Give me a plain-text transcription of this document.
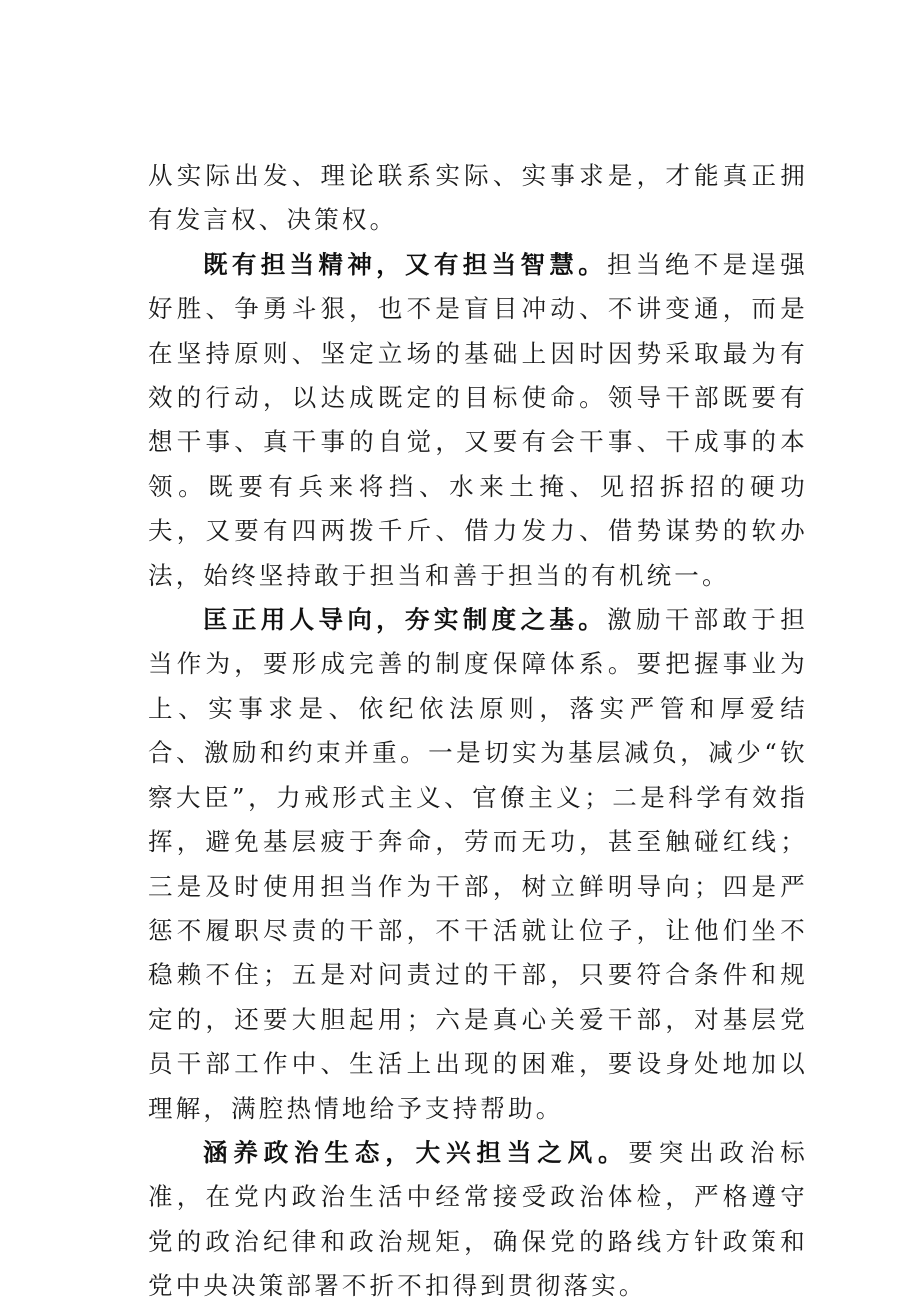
从实际出发、理论联系实际、实事求是，才能真正拥有发言权、决策权。

既有担当精神，又有担当智慧。担当绝不是逞强好胜、争勇斗狠，也不是盲目冲动、不讲变通，而是在坚持原则、坚定立场的基础上因时因势采取最为有效的行动，以达成既定的目标使命。领导干部既要有想干事、真干事的自觉，又要有会干事、干成事的本领。既要有兵来将挡、水来土掩、见招拆招的硬功夫，又要有四两拨千斤、借力发力、借势谋势的软办法，始终坚持敢于担当和善于担当的有机统一。

匡正用人导向，夯实制度之基。激励干部敢于担当作为，要形成完善的制度保障体系。要把握事业为上、实事求是、依纪依法原则，落实严管和厚爱结合、激励和约束并重。一是切实为基层减负，减少“钦察大臣”，力戒形式主义、官僚主义；二是科学有效指挥，避免基层疲于奔命，劳而无功，甚至触碰红线；三是及时使用担当作为干部，树立鲜明导向；四是严惩不履职尽责的干部，不干活就让位子，让他们坐不稳赖不住；五是对问责过的干部，只要符合条件和规定的，还要大胆起用；六是真心关爱干部，对基层党员干部工作中、生活上出现的困难，要设身处地加以理解，满腔热情地给予支持帮助。

涵养政治生态，大兴担当之风。要突出政治标准，在党内政治生活中经常接受政治体检，严格遵守党的政治纪律和政治规矩，确保党的路线方针政策和党中央决策部署不折不扣得到贯彻落实。
